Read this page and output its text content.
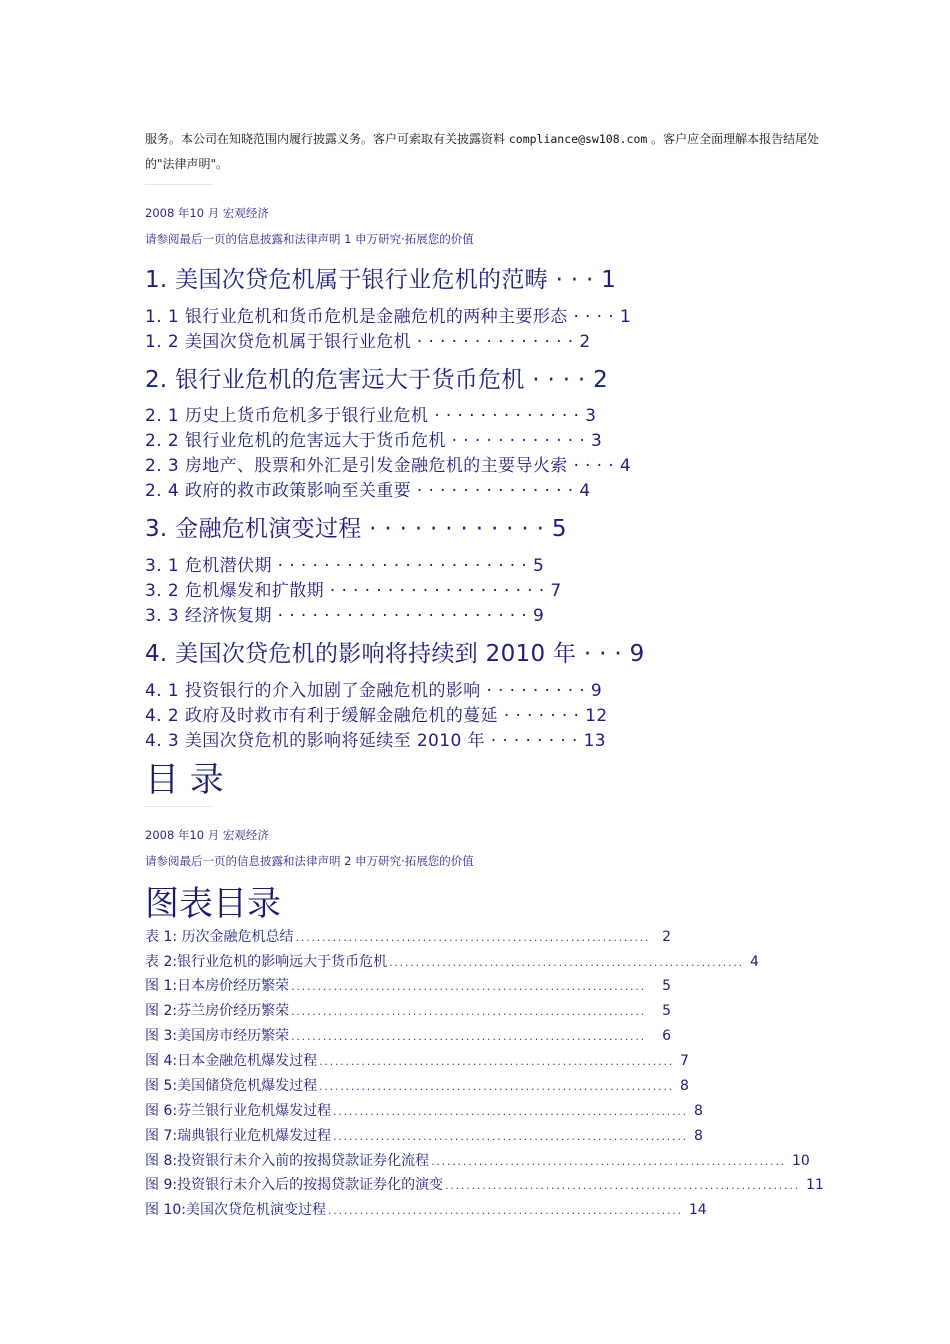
服务。本公司在知晓范围内履行披露义务。客户可索取有关披露资料 compliance@sw108.com 。客户应全面理解本报告结尾处
的"法律声明"。
2008 年10 月 宏观经济
请参阅最后一页的信息披露和法律声明 1 申万研究·拓展您的价值
1. 美国次贷危机属于银行业危机的范畴 · · · 1
1. 1 银行业危机和货币危机是金融危机的两种主要形态 · · · · 1
1. 2 美国次贷危机属于银行业危机 · · · · · · · · · · · · · · 2
2. 银行业危机的危害远大于货币危机 · · · · 2
2. 1 历史上货币危机多于银行业危机 · · · · · · · · · · · · · 3
2. 2 银行业危机的危害远大于货币危机 · · · · · · · · · · · · 3
2. 3 房地产、股票和外汇是引发金融危机的主要导火索 · · · · 4
2. 4 政府的救市政策影响至关重要 · · · · · · · · · · · · · · 4
3. 金融危机演变过程 · · · · · · · · · · · · 5
3. 1 危机潜伏期 · · · · · · · · · · · · · · · · · · · · · · 5
3. 2 危机爆发和扩散期 · · · · · · · · · · · · · · · · · · · 7
3. 3 经济恢复期 · · · · · · · · · · · · · · · · · · · · · · 9
4. 美国次贷危机的影响将持续到 2010 年 · · · 9
4. 1 投资银行的介入加剧了金融危机的影响 · · · · · · · · · 9
4. 2 政府及时救市有利于缓解金融危机的蔓延 · · · · · · · 12
4. 3 美国次贷危机的影响将延续至 2010 年 · · · · · · · · 13
目 录
2008 年10 月 宏观经济
请参阅最后一页的信息披露和法律声明 2 申万研究·拓展您的价值
图表目录
表 1: 历次金融危机总结 ................................................................... 2
表 2:银行业危机的影响远大于货币危机 ................................................................... 4
图 1:日本房价经历繁荣 ...................................................................	5
图 2:芬兰房价经历繁荣 ...................................................................	5
图 3:美国房市经历繁荣 ...................................................................	6
图 4:日本金融危机爆发过程 ................................................................... 7
图 5:美国储贷危机爆发过程 ................................................................... 8
图 6:芬兰银行业危机爆发过程 ................................................................... 8
图 7:瑞典银行业危机爆发过程 ................................................................... 8
图 8:投资银行未介入前的按揭贷款证券化流程 ................................................................... 10
图 9:投资银行未介入后的按揭贷款证券化的演变 ................................................................... 11
图 10:美国次贷危机演变过程 ................................................................... 14
